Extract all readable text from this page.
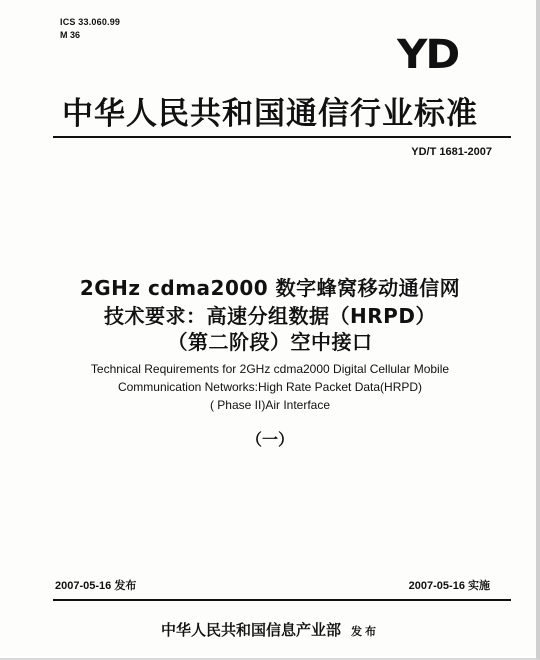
ICS 33.060.99
M 36	YD
中华人民共和国通信行业标准
YD/T 1681-2007
2GHz cdma2000 数字蜂窝移动通信网
技术要求：高速分组数据（HRPD）
（第二阶段）空中接口
Technical Requirements for 2GHz cdma2000 Digital Cellular Mobile
Communication Networks:High Rate Packet Data(HRPD)
( Phase II)Air Interface
（一）
2007-05-16 发布	2007-05-16 实施
中华人民共和国信息产业部 发布
